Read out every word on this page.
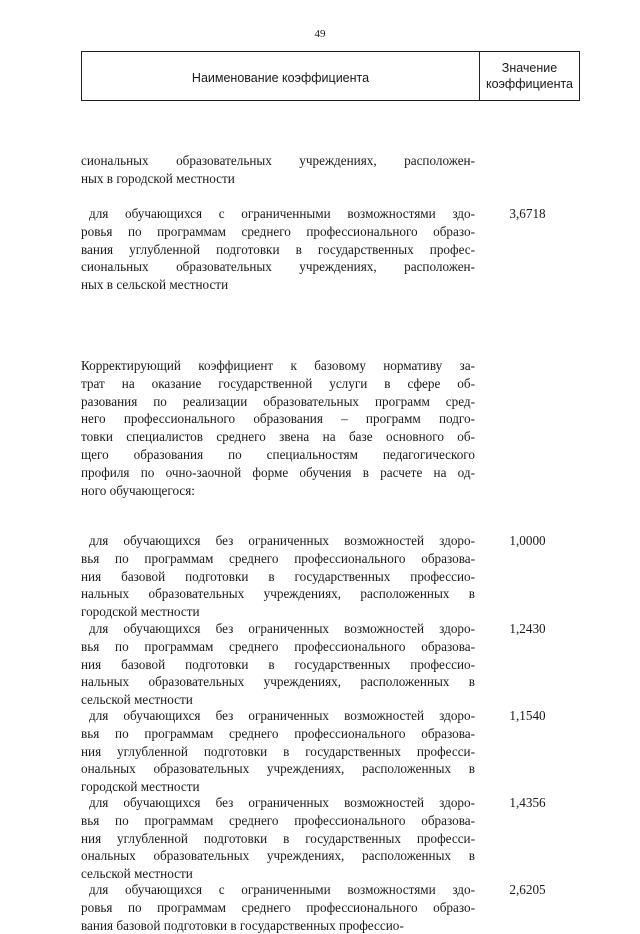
49
Наименование коэффициента
Значение
коэффициента
сиональных образовательных учреждениях, расположен-
ных в городской местности
для обучающихся с ограниченными возможностями здо-
ровья по программам среднего профессионального образо-
вания углубленной подготовки в государственных профес-
сиональных образовательных учреждениях, расположен-
ных в сельской местности
3,6718
Корректирующий коэффициент к базовому нормативу за-
трат на оказание государственной услуги в сфере об-
разования по реализации образовательных программ сред-
него профессионального образования – программ подго-
товки специалистов среднего звена на базе основного об-
щего образования по специальностям педагогического
профиля по очно-заочной форме обучения в расчете на од-
ного обучающегося:
для обучающихся без ограниченных возможностей здоро-
вья по программам среднего профессионального образова-
ния базовой подготовки в государственных профессио-
нальных образовательных учреждениях, расположенных в
городской местности
1,0000
для обучающихся без ограниченных возможностей здоро-
вья по программам среднего профессионального образова-
ния базовой подготовки в государственных профессио-
нальных образовательных учреждениях, расположенных в
сельской местности
1,2430
для обучающихся без ограниченных возможностей здоро-
вья по программам среднего профессионального образова-
ния углубленной подготовки в государственных професси-
ональных образовательных учреждениях, расположенных в
городской местности
1,1540
для обучающихся без ограниченных возможностей здоро-
вья по программам среднего профессионального образова-
ния углубленной подготовки в государственных професси-
ональных образовательных учреждениях, расположенных в
сельской местности
1,4356
для обучающихся с ограниченными возможностями здо-
ровья по программам среднего профессионального образо-
вания базовой подготовки в государственных профессио-
2,6205
